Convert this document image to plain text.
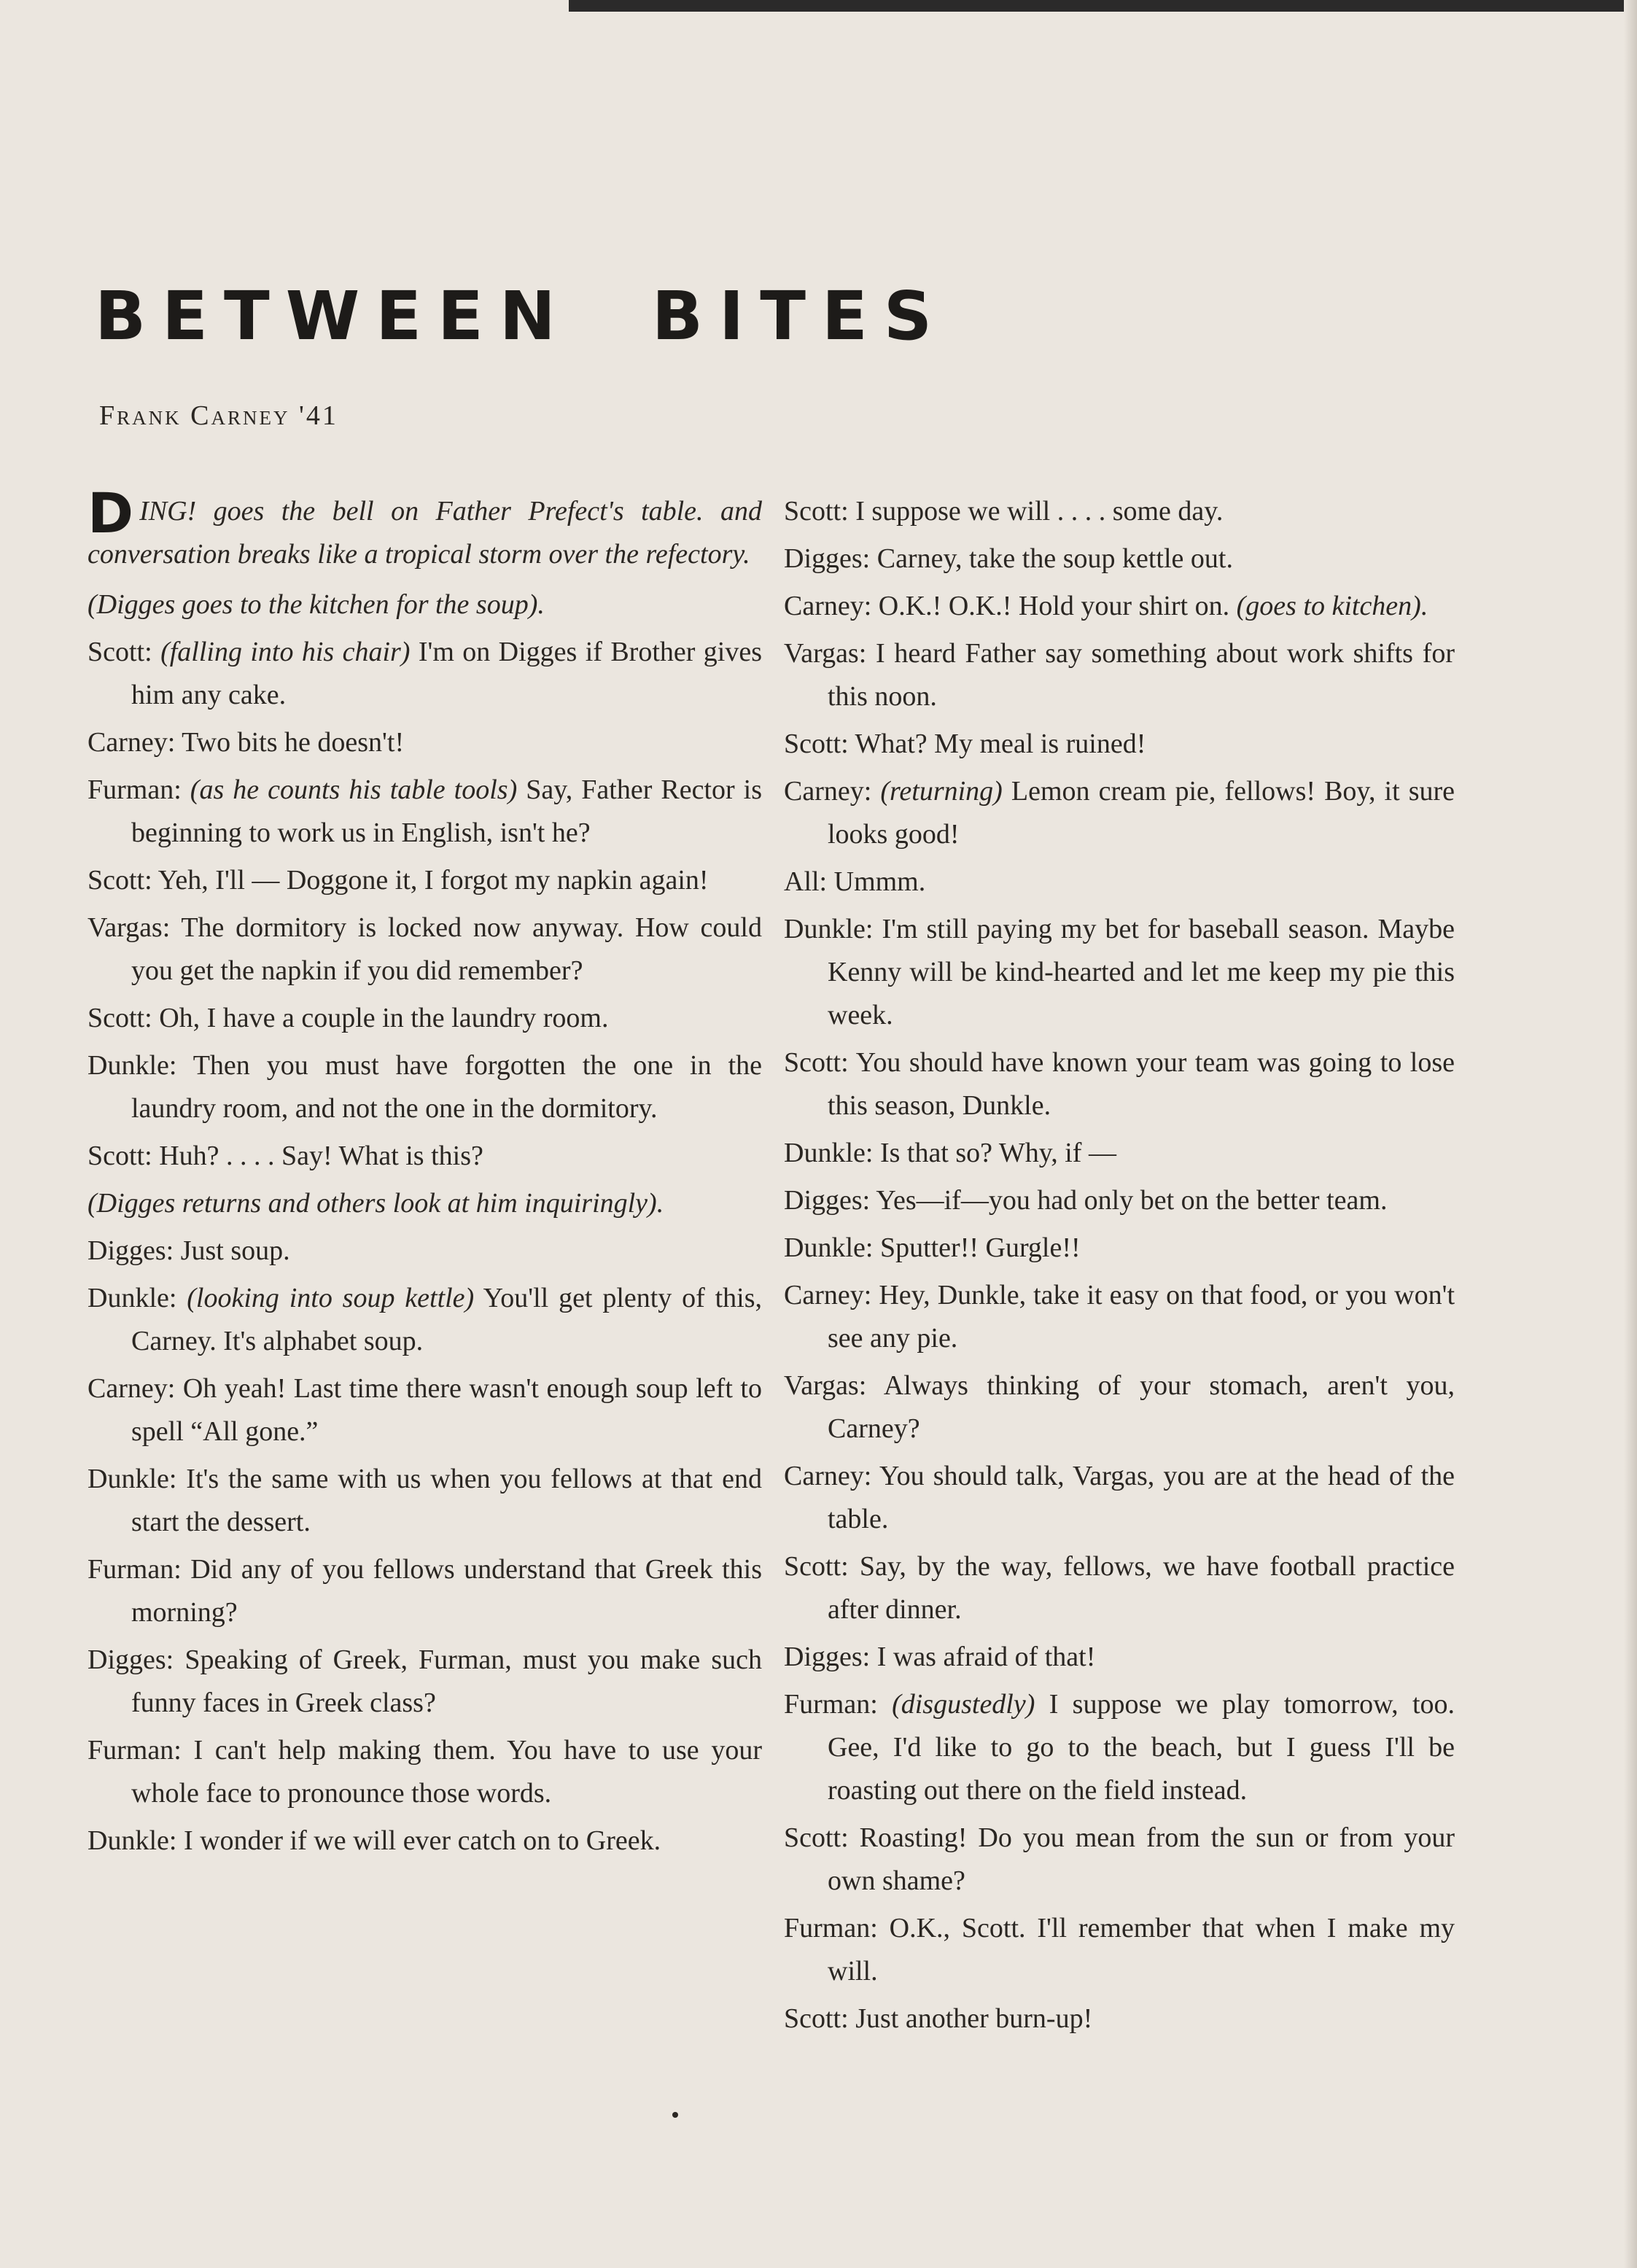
BETWEEN BITES
Frank Carney '41

DING! goes the bell on Father Prefect's table. and conversation breaks like a tropical storm over the refectory.

(Digges goes to the kitchen for the soup).

Scott: (falling into his chair) I'm on Digges if Brother gives him any cake.

Carney: Two bits he doesn't!

Furman: (as he counts his table tools) Say, Father Rector is beginning to work us in English, isn't he?

Scott: Yeh, I'll — Doggone it, I forgot my napkin again!

Vargas: The dormitory is locked now anyway. How could you get the napkin if you did remember?

Scott: Oh, I have a couple in the laundry room.

Dunkle: Then you must have forgotten the one in the laundry room, and not the one in the dormitory.

Scott: Huh? . . . . Say! What is this?

(Digges returns and others look at him inquiringly).

Digges: Just soup.

Dunkle: (looking into soup kettle) You'll get plenty of this, Carney. It's alphabet soup.

Carney: Oh yeah! Last time there wasn't enough soup left to spell “All gone.”

Dunkle: It's the same with us when you fellows at that end start the dessert.

Furman: Did any of you fellows understand that Greek this morning?

Digges: Speaking of Greek, Furman, must you make such funny faces in Greek class?

Furman: I can't help making them. You have to use your whole face to pronounce those words.

Dunkle: I wonder if we will ever catch on to Greek.

Scott: I suppose we will . . . . some day.

Digges: Carney, take the soup kettle out.

Carney: O.K.! O.K.! Hold your shirt on. (goes to kitchen).

Vargas: I heard Father say something about work shifts for this noon.

Scott: What? My meal is ruined!

Carney: (returning) Lemon cream pie, fellows! Boy, it sure looks good!

All: Ummm.

Dunkle: I'm still paying my bet for baseball season. Maybe Kenny will be kind-hearted and let me keep my pie this week.

Scott: You should have known your team was going to lose this season, Dunkle.

Dunkle: Is that so? Why, if —

Digges: Yes—if—you had only bet on the better team.

Dunkle: Sputter!! Gurgle!!

Carney: Hey, Dunkle, take it easy on that food, or you won't see any pie.

Vargas: Always thinking of your stomach, aren't you, Carney?

Carney: You should talk, Vargas, you are at the head of the table.

Scott: Say, by the way, fellows, we have football practice after dinner.

Digges: I was afraid of that!

Furman: (disgustedly) I suppose we play tomorrow, too. Gee, I'd like to go to the beach, but I guess I'll be roasting out there on the field instead.

Scott: Roasting! Do you mean from the sun or from your own shame?

Furman: O.K., Scott. I'll remember that when I make my will.

Scott: Just another burn-up!
